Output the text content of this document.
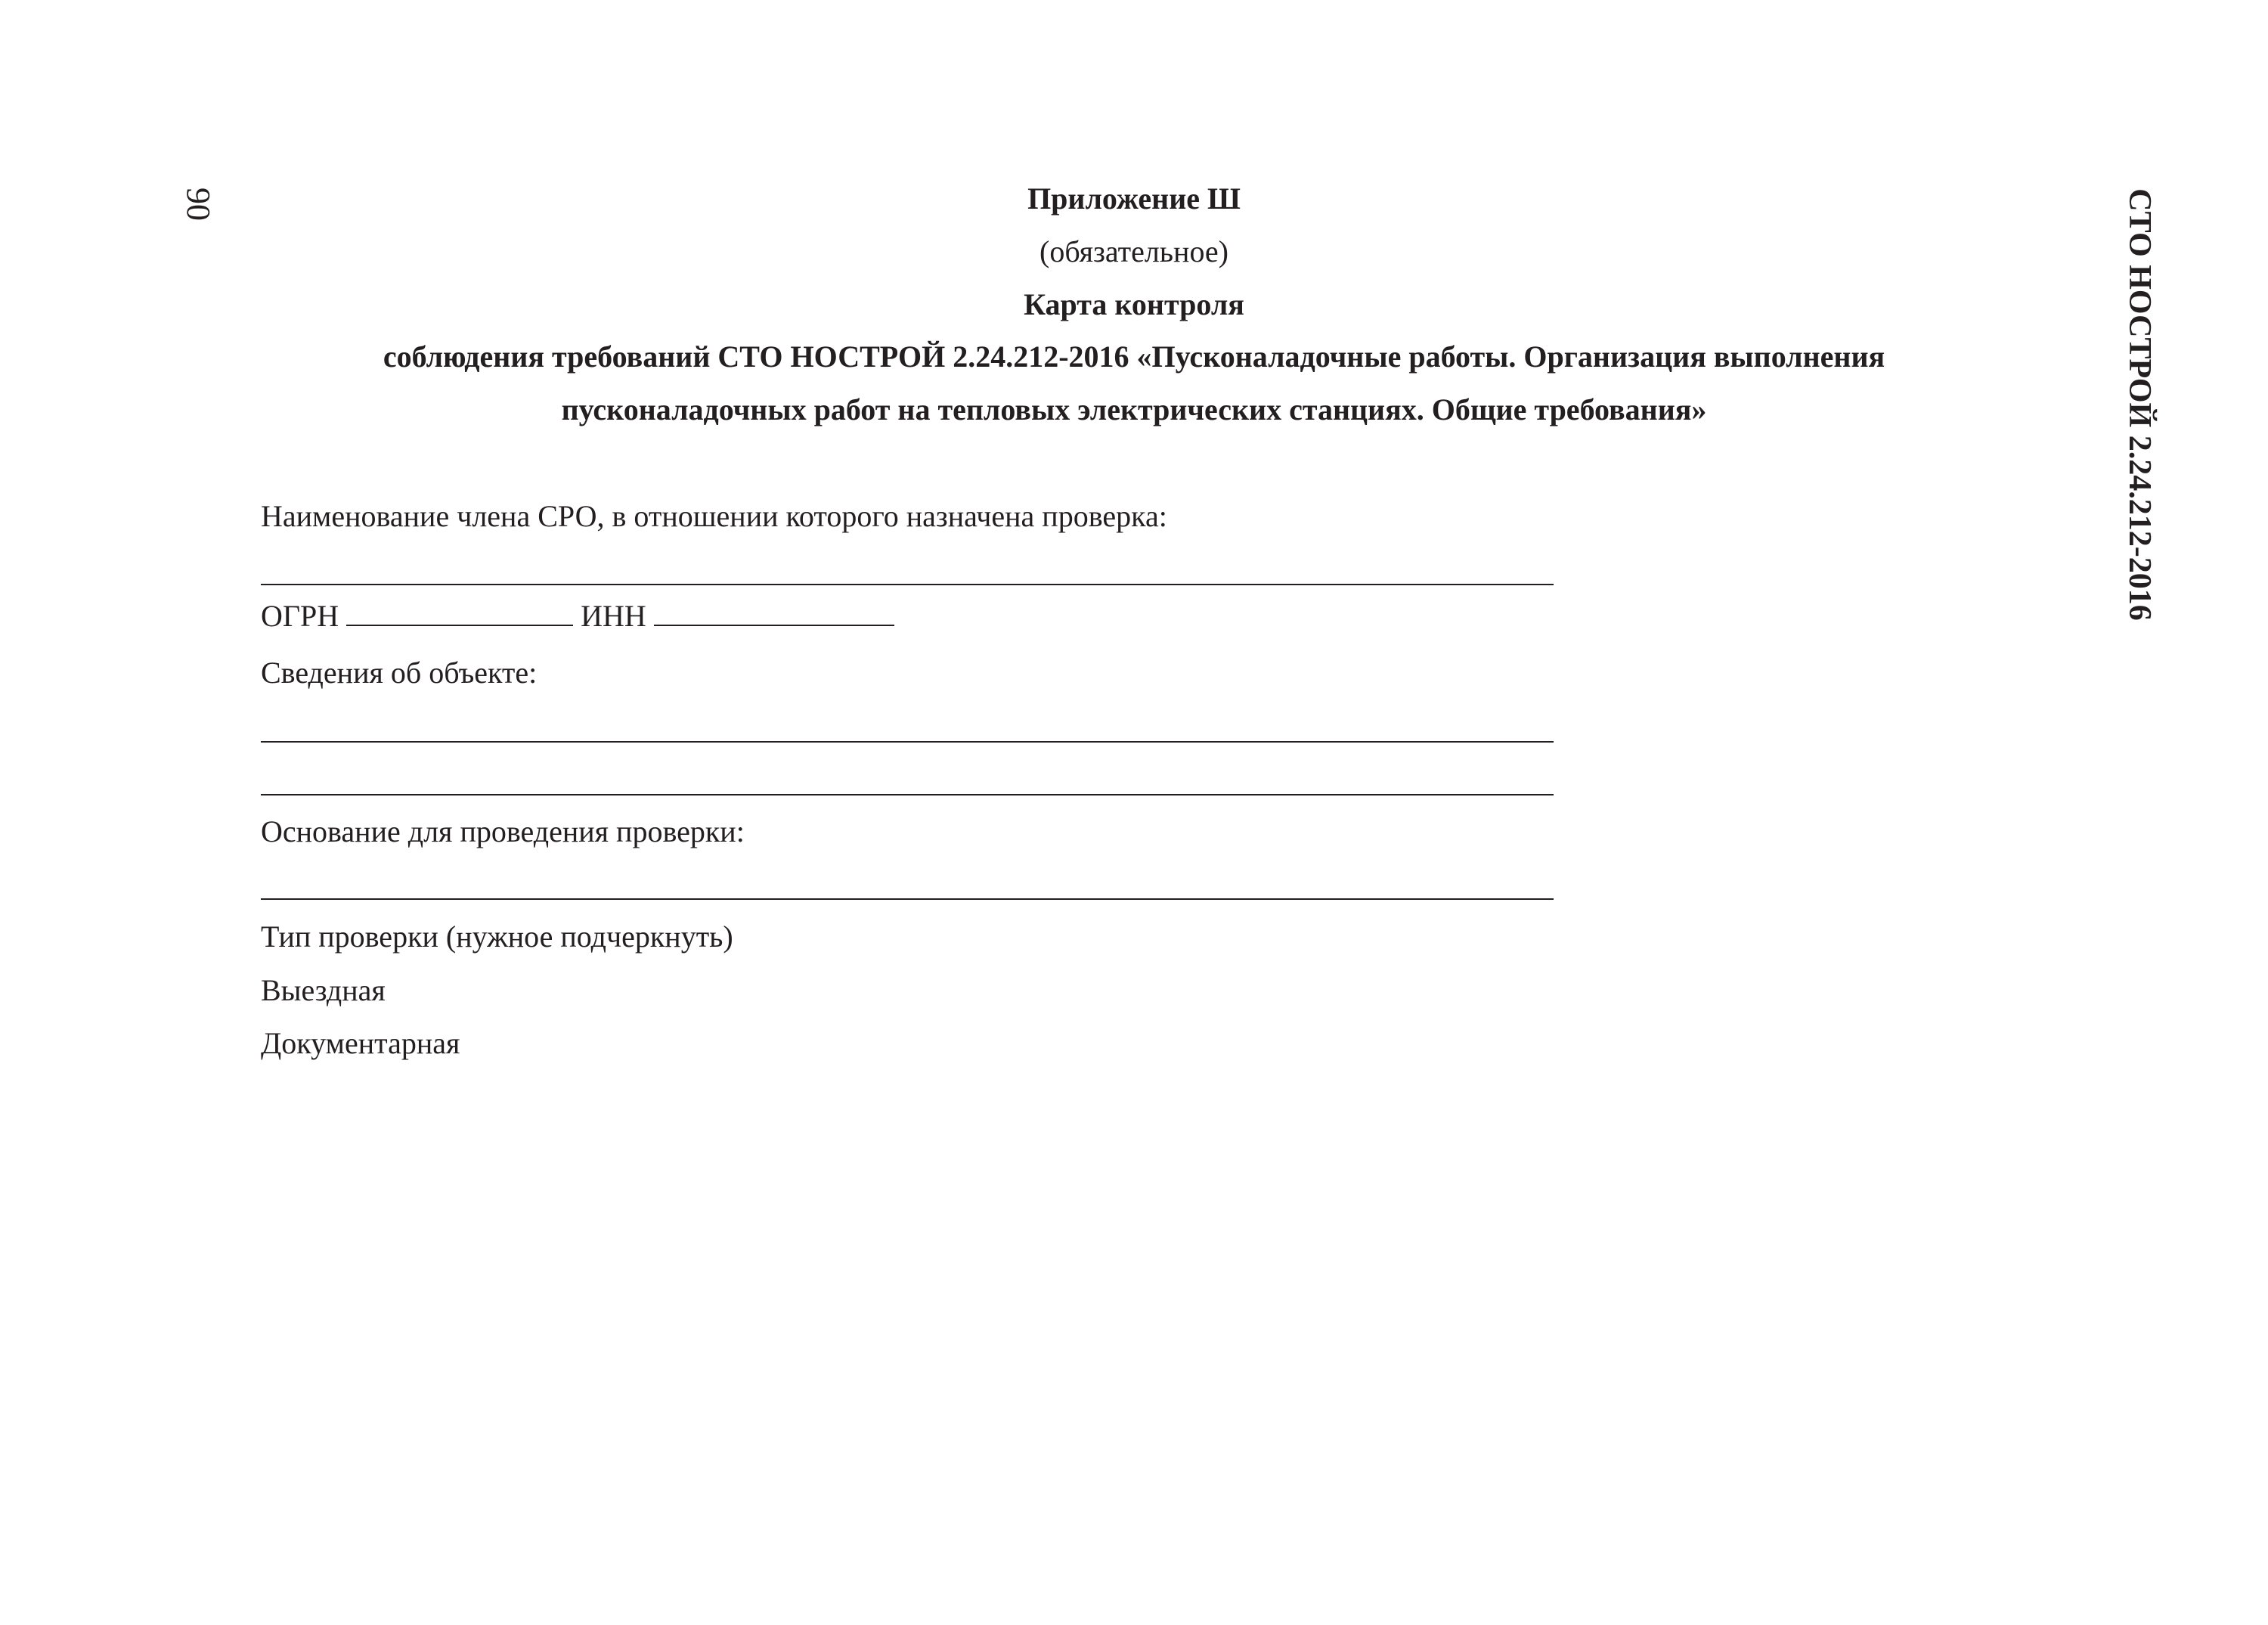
90	СТО НОСТРОЙ 2.24.212-2016
Приложение Ш
(обязательное)
Карта контроля
соблюдения требований СТО НОСТРОЙ 2.24.212-2016 «Пусконаладочные работы. Организация выполнения
пусконаладочных работ на тепловых электрических станциях. Общие требования»
Наименование члена СРО, в отношении которого назначена проверка:
ОГРН	ИНН
Сведения об объекте:
Основание для проведения проверки:
Тип проверки (нужное подчеркнуть)
Выездная
Документарная
